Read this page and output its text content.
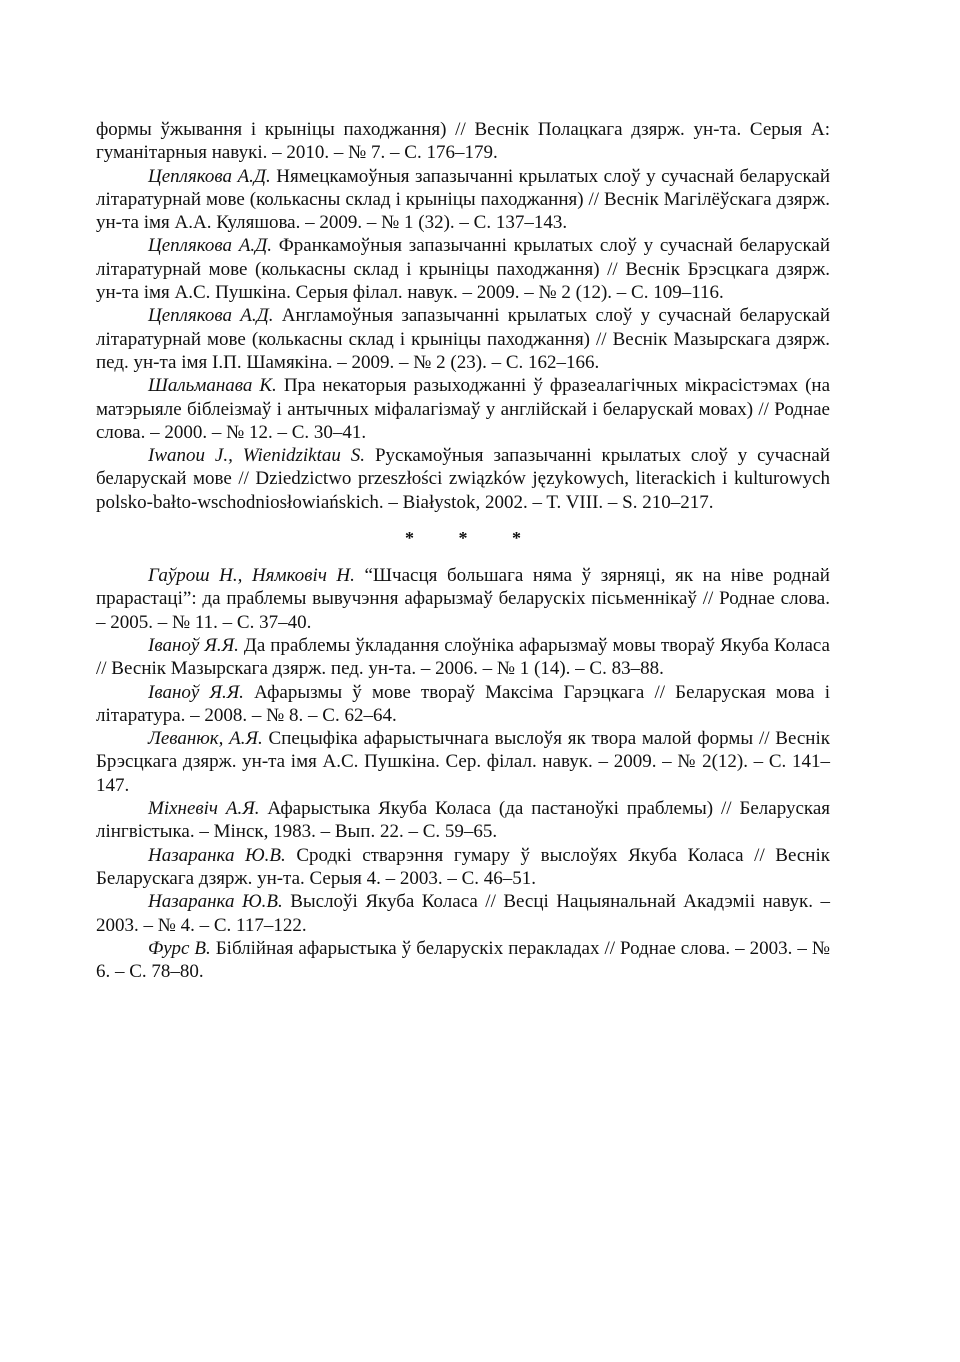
формы ўжывання і крыніцы паходжання) // Веснік Полацкага дзярж. ун-та. Серыя А: гуманітарныя навукі. – 2010. – № 7. – С. 176–179.

Цеплякова А.Д. Нямецкамоўныя запазычанні крылатых слоў у сучаснай беларускай літаратурнай мове (колькасны склад і крыніцы паходжання) // Веснік Магілёўскага дзярж. ун-та імя А.А. Куляшова. – 2009. – № 1 (32). – С. 137–143.

Цеплякова А.Д. Франкамоўныя запазычанні крылатых слоў у сучаснай беларускай літаратурнай мове (колькасны склад і крыніцы паходжання) // Веснік Брэсцкага дзярж. ун-та імя А.С. Пушкіна. Серыя філал. навук. – 2009. – № 2 (12). – С. 109–116.

Цеплякова А.Д. Англамоўныя запазычанні крылатых слоў у сучаснай беларускай літаратурнай мове (колькасны склад і крыніцы паходжання) // Веснік Мазырскага дзярж. пед. ун-та імя І.П. Шамякіна. – 2009. – № 2 (23). – С. 162–166.

Шальманава К. Пра некаторыя разыходжанні ў фразеалагічных мікрасістэмах (на матэрыяле біблеізмаў і антычных міфалагізмаў у англійскай і беларускай мовах) // Роднае слова. – 2000. – № 12. – С. 30–41.

Iwanou J., Wienidziktau S. Рускамоўныя запазычанні крылатых слоў у сучаснай беларускай мове // Dziedzictwo przeszłości związków językowych, literackich i kulturowych polsko-bałto-wschodniosłowiańskich. – Białystok, 2002. – T. VIII. – S. 210–217.

* * *

Гаўрош Н., Нямковіч Н. “Шчасця большага няма ў зярняці, як на ніве роднай прарастаці”: да праблемы вывучэння афарызмаў беларускіх пісьменнікаў // Роднае слова. – 2005. – № 11. – С. 37–40.

Іваноў Я.Я. Да праблемы ўкладання слоўніка афарызмаў мовы твораў Якуба Коласа // Веснік Мазырскага дзярж. пед. ун-та. – 2006. – № 1 (14). – С. 83–88.

Іваноў Я.Я. Афарызмы ў мове твораў Максіма Гарэцкага // Беларуская мова і літаратура. – 2008. – № 8. – С. 62–64.

Леванюк, А.Я. Спецыфіка афарыстычнага выслоўя як твора малой формы // Веснік Брэсцкага дзярж. ун-та імя А.С. Пушкіна. Сер. філал. навук. – 2009. – № 2(12). – С. 141–147.

Міхневіч А.Я. Афарыстыка Якуба Коласа (да пастаноўкі праблемы) // Беларуская лінгвістыка. – Мінск, 1983. – Вып. 22. – С. 59–65.

Назаранка Ю.В. Сродкі стварэння гумару ў выслоўях Якуба Коласа // Веснік Беларускага дзярж. ун-та. Серыя 4. – 2003. – С. 46–51.

Назаранка Ю.В. Выслоўі Якуба Коласа // Весці Нацыянальнай Акадэміі навук. – 2003. – № 4. – С. 117–122.

Фурс В. Біблійная афарыстыка ў беларускіх перакладах // Роднае слова. – 2003. – № 6. – С. 78–80.
